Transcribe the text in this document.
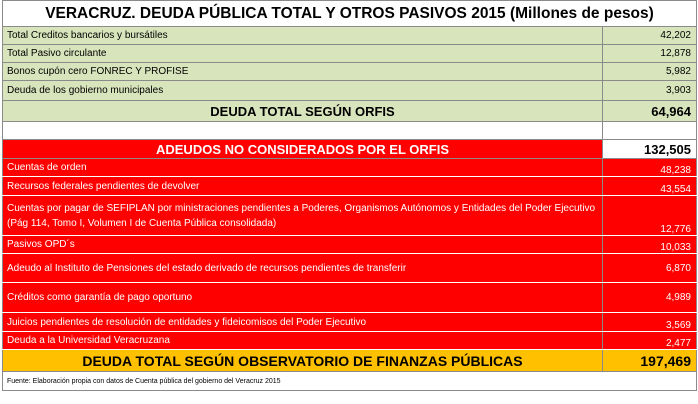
VERACRUZ. DEUDA PÚBLICA TOTAL Y OTROS PASIVOS 2015 (Millones de pesos)	
Total Creditos bancarios y bursátiles	42,202
Total Pasivo circulante	12,878
Bonos cupón cero FONREC Y PROFISE	5,982
Deuda de los gobierno municipales	3,903
DEUDA TOTAL SEGÚN ORFIS	64,964

ADEUDOS NO CONSIDERADOS POR EL ORFIS	132,505
Cuentas de orden	48,238
Recursos federales pendientes de devolver	43,554
Cuentas por pagar de SEFIPLAN por ministraciones pendientes a Poderes, Organismos Autónomos y Entidades del Poder Ejecutivo (Pág 114, Tomo I, Volumen I de Cuenta Pública consolidada)	12,776
Pasivos OPD´s	10,033
Adeudo al Instituto de Pensiones del estado derivado de recursos pendientes de transferir	6,870
Créditos como garantía de pago oportuno	4,989
Juicios pendientes de resolución de entidades y fideicomisos del Poder Ejecutivo	3,569
Deuda a la Universidad Veracruzana	2,477
DEUDA TOTAL SEGÚN OBSERVATORIO DE FINANZAS PÚBLICAS	197,469
Fuente: Elaboración propia con datos de Cuenta pública del gobierno del Veracruz 2015	
